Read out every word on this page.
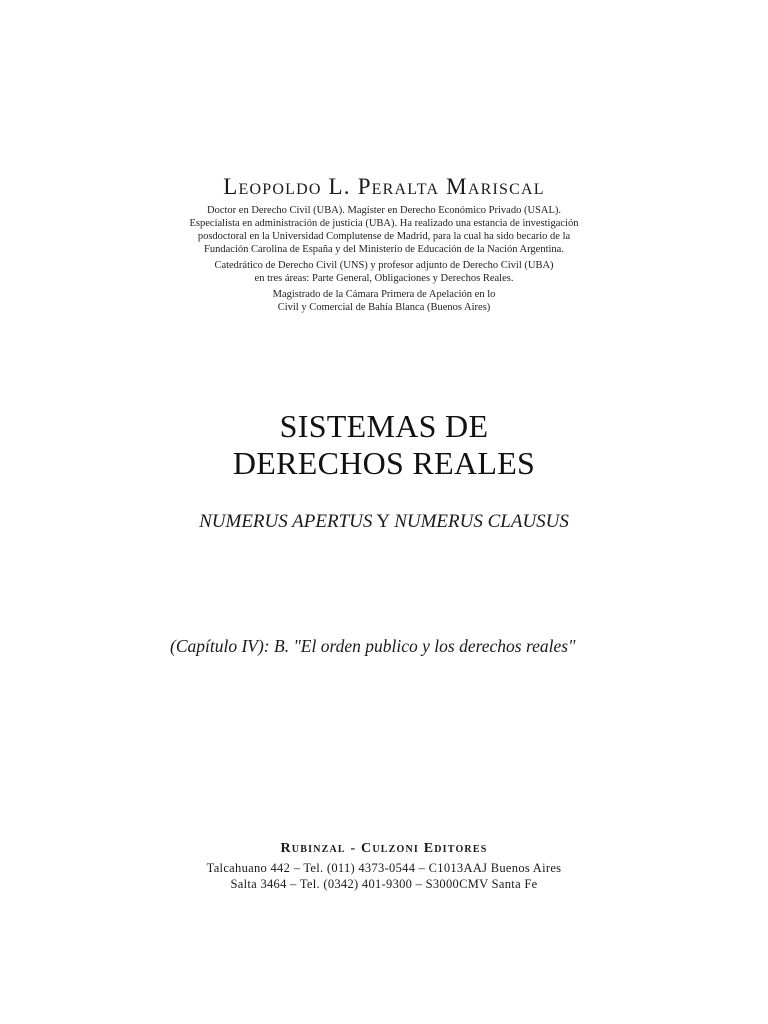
Leopoldo L. Peralta Mariscal

Doctor en Derecho Civil (UBA). Magíster en Derecho Económico Privado (USAL).
Especialista en administración de justicia (UBA). Ha realizado una estancia de investigación
posdoctoral en la Universidad Complutense de Madrid, para la cual ha sido becario de la
Fundación Carolina de España y del Ministerio de Educación de la Nación Argentina.

Catedrático de Derecho Civil (UNS) y profesor adjunto de Derecho Civil (UBA)
en tres áreas: Parte General, Obligaciones y Derechos Reales.

Magistrado de la Cámara Primera de Apelación en lo
Civil y Comercial de Bahía Blanca (Buenos Aires)

SISTEMAS DE
DERECHOS REALES
NUMERUS APERTUS Y NUMERUS CLAUSUS
(Capítulo IV): B. "El orden publico y los derechos reales"
Rubinzal - Culzoni Editores
Talcahuano 442 – Tel. (011) 4373-0544 – C1013AAJ Buenos Aires
Salta 3464 – Tel. (0342) 401-9300 – S3000CMV Santa Fe
